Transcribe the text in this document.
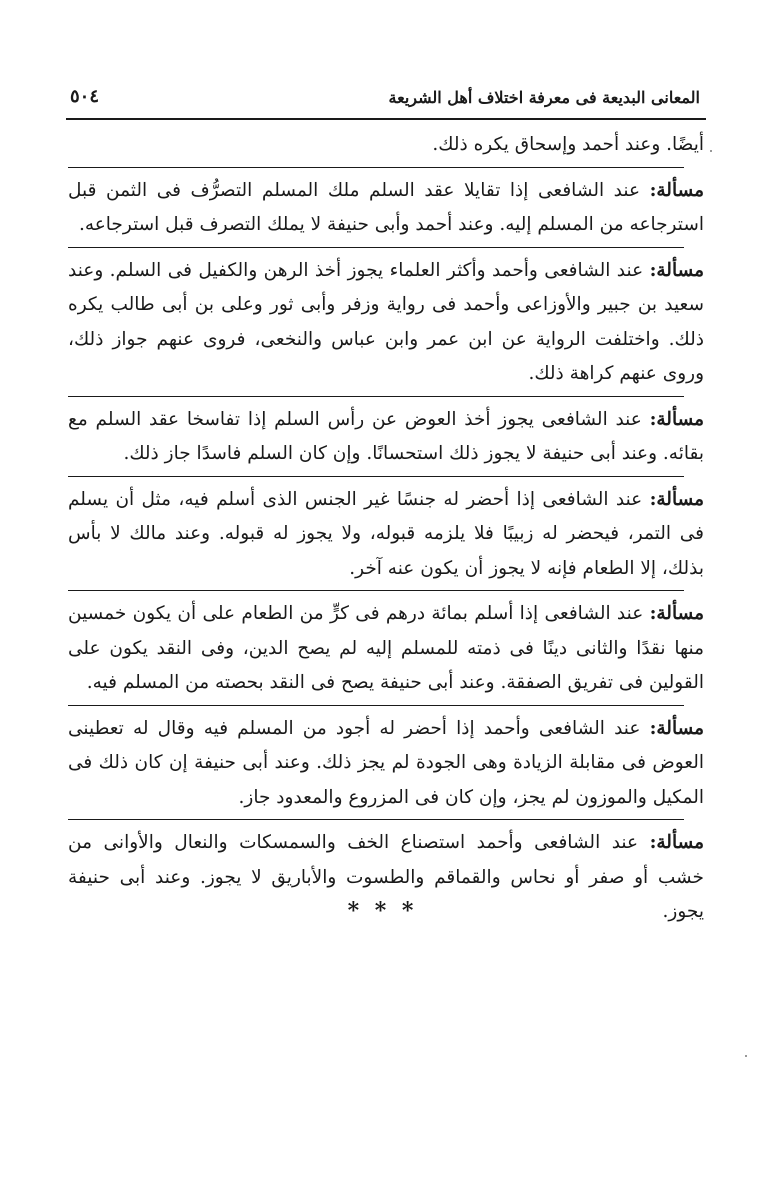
المعانى البديعة فى معرفة اختلاف أهل الشريعة
٥٠٤

أيضًا. وعند أحمد وإسحاق يكره ذلك.

مسألة: عند الشافعى إذا تقايلا عقد السلم ملك المسلم التصرُّف فى الثمن قبل استرجاعه من المسلم إليه. وعند أحمد وأبى حنيفة لا يملك التصرف قبل استرجاعه.

مسألة: عند الشافعى وأحمد وأكثر العلماء يجوز أخذ الرهن والكفيل فى السلم. وعند سعيد بن جبير والأوزاعى وأحمد فى رواية وزفر وأبى ثور وعلى بن أبى طالب يكره ذلك. واختلفت الرواية عن ابن عمر وابن عباس والنخعى، فروى عنهم جواز ذلك، وروى عنهم كراهة ذلك.

مسألة: عند الشافعى يجوز أخذ العوض عن رأس السلم إذا تفاسخا عقد السلم مع بقائه. وعند أبى حنيفة لا يجوز ذلك استحسانًا. وإن كان السلم فاسدًا جاز ذلك.

مسألة: عند الشافعى إذا أحضر له جنسًا غير الجنس الذى أسلم فيه، مثل أن يسلم فى التمر، فيحضر له زبيبًا فلا يلزمه قبوله، ولا يجوز له قبوله. وعند مالك لا بأس بذلك، إلا الطعام فإنه لا يجوز أن يكون عنه آخر.

مسألة: عند الشافعى إذا أسلم بمائة درهم فى كرٍّ من الطعام على أن يكون خمسين منها نقدًا والثانى دينًا فى ذمته للمسلم إليه لم يصح الدين، وفى النقد يكون على القولين فى تفريق الصفقة. وعند أبى حنيفة يصح فى النقد بحصته من المسلم فيه.

مسألة: عند الشافعى وأحمد إذا أحضر له أجود من المسلم فيه وقال له تعطينى العوض فى مقابلة الزيادة وهى الجودة لم يجز ذلك. وعند أبى حنيفة إن كان ذلك فى المكيل والموزون لم يجز، وإن كان فى المزروع والمعدود جاز.

مسألة: عند الشافعى وأحمد استصناع الخف والسمسكات والنعال والأوانى من خشب أو صفر أو نحاس والقماقم والطسوت والأباريق لا يجوز. وعند أبى حنيفة يجوز.

* * *
